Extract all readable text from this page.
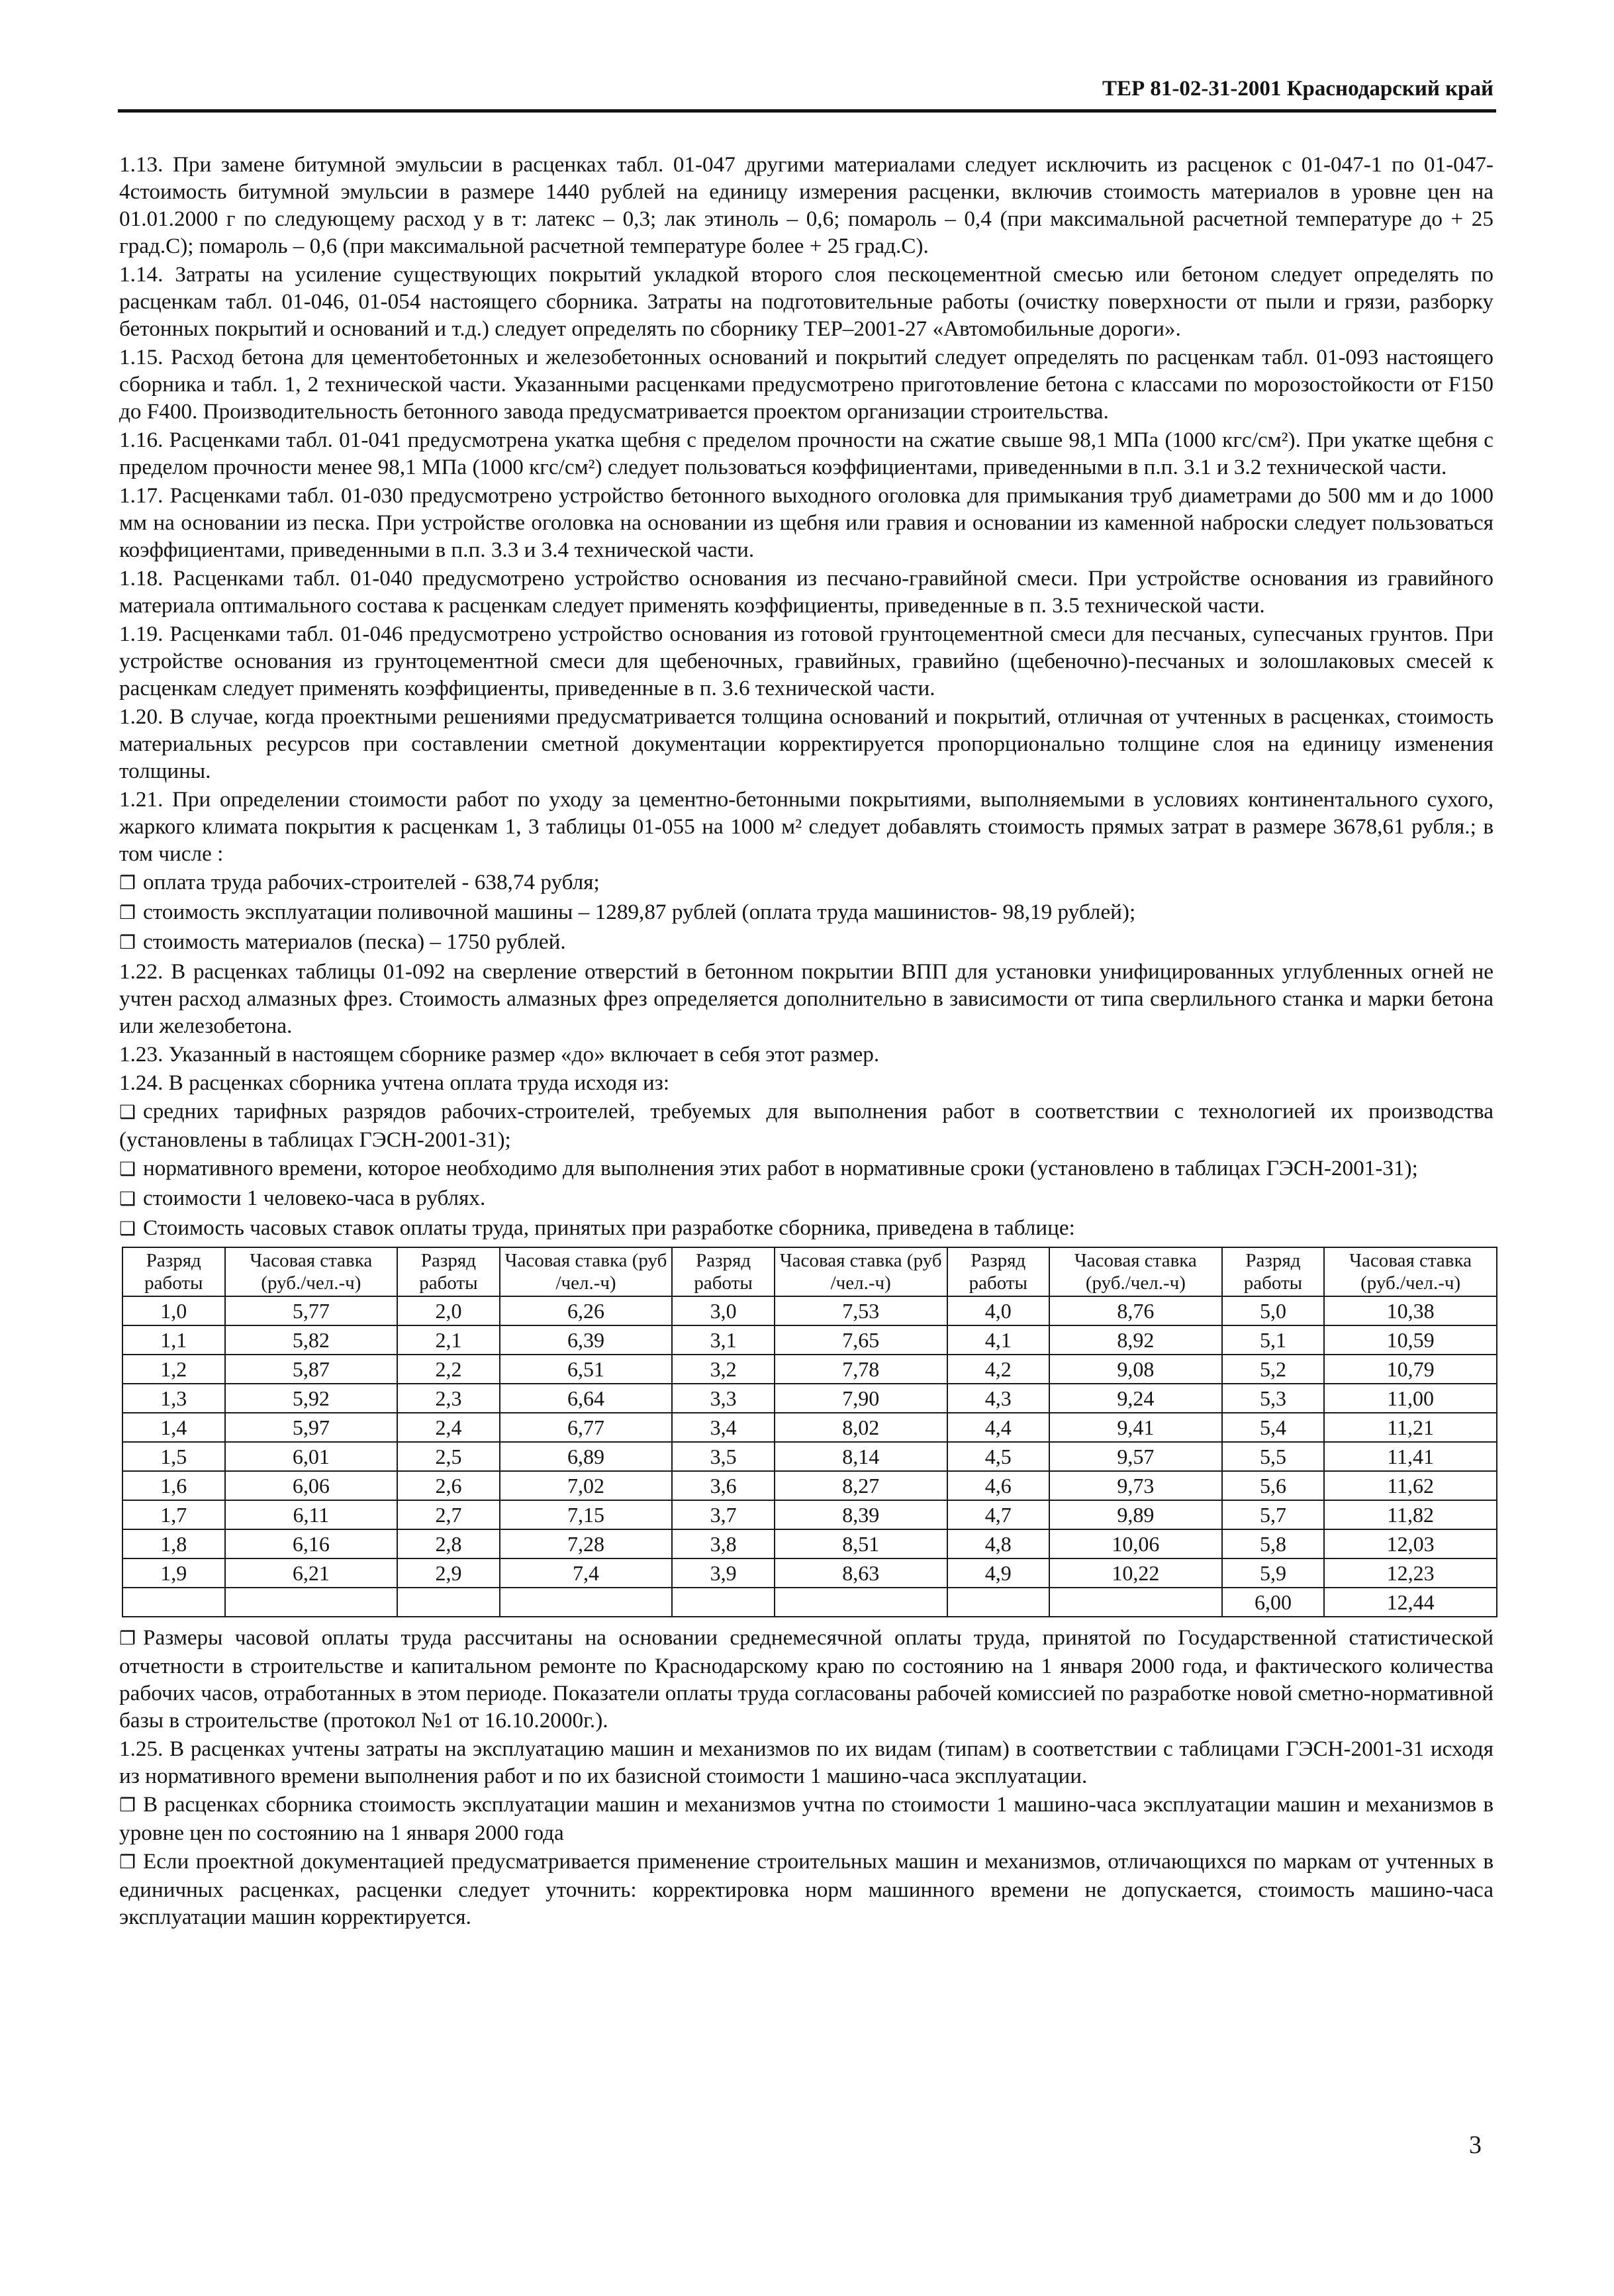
ТЕР 81-02-31-2001 Краснодарский край

1.13. При замене битумной эмульсии в расценках табл. 01-047 другими материалами следует исключить из расценок с 01-047-1 по 01-047-4стоимость битумной эмульсии в размере 1440 рублей на единицу измерения расценки, включив стоимость материалов в уровне цен на 01.01.2000 г по следующему расход у в т: латекс – 0,3; лак этиноль – 0,6; помароль – 0,4 (при максимальной расчетной температуре до + 25 град.С); помароль – 0,6 (при максимальной расчетной температуре более + 25 град.С).

1.14. Затраты на усиление существующих покрытий укладкой второго слоя пескоцементной смесью или бетоном следует определять по расценкам табл. 01-046, 01-054 настоящего сборника. Затраты на подготовительные работы (очистку поверхности от пыли и грязи, разборку бетонных покрытий и оснований и т.д.) следует определять по сборнику ТЕР–2001-27 «Автомобильные дороги».

1.15. Расход бетона для цементобетонных и железобетонных оснований и покрытий следует определять по расценкам табл. 01-093 настоящего сборника и табл. 1, 2 технической части. Указанными расценками предусмотрено приготовление бетона с классами по морозостойкости от F150 до F400. Производительность бетонного завода предусматривается проектом организации строительства.

1.16. Расценками табл. 01-041 предусмотрена укатка щебня с пределом прочности на сжатие свыше 98,1 МПа (1000 кгс/см²). При укатке щебня с пределом прочности менее 98,1 МПа (1000 кгс/см²) следует пользоваться коэффициентами, приведенными в п.п. 3.1 и 3.2 технической части.

1.17. Расценками табл. 01-030 предусмотрено устройство бетонного выходного оголовка для примыкания труб диаметрами до 500 мм и до 1000 мм на основании из песка. При устройстве оголовка на основании из щебня или гравия и основании из каменной наброски следует пользоваться коэффициентами, приведенными в п.п. 3.3 и 3.4 технической части.

1.18. Расценками табл. 01-040 предусмотрено устройство основания из песчано-гравийной смеси. При устройстве основания из гравийного материала оптимального состава к расценкам следует применять коэффициенты, приведенные в п. 3.5 технической части.

1.19. Расценками табл. 01-046 предусмотрено устройство основания из готовой грунтоцементной смеси для песчаных, супесчаных грунтов. При устройстве основания из грунтоцементной смеси для щебеночных, гравийных, гравийно (щебеночно)-песчаных и золошлаковых смесей к расценкам следует применять коэффициенты, приведенные в п. 3.6 технической части.

1.20. В случае, когда проектными решениями предусматривается толщина оснований и покрытий, отличная от учтенных в расценках, стоимость материальных ресурсов при составлении сметной документации корректируется пропорционально толщине слоя на единицу изменения толщины.

1.21. При определении стоимости работ по уходу за цементно-бетонными покрытиями, выполняемыми в условиях континентального сухого, жаркого климата покрытия к расценкам 1, 3 таблицы 01-055 на 1000 м² следует добавлять стоимость прямых затрат в размере 3678,61 рубля.; в том числе :

❒ оплата труда рабочих-строителей - 638,74 рубля;

❒ стоимость эксплуатации поливочной машины – 1289,87 рублей (оплата труда машинистов- 98,19 рублей);

❒ стоимость материалов (песка) – 1750 рублей.

1.22. В расценках таблицы 01-092 на сверление отверстий в бетонном покрытии ВПП для установки унифицированных углубленных огней не учтен расход алмазных фрез. Стоимость алмазных фрез определяется дополнительно в зависимости от типа сверлильного станка и марки бетона или железобетона.

1.23. Указанный в настоящем сборнике размер «до» включает в себя этот размер.

1.24. В расценках сборника учтена оплата труда исходя из:

❑ средних тарифных разрядов рабочих-строителей, требуемых для выполнения работ в соответствии с технологией их производства (установлены в таблицах ГЭСН-2001-31);

❑ нормативного времени, которое необходимо для выполнения этих работ в нормативные сроки (установлено в таблицах ГЭСН-2001-31);

❑ стоимости 1 человеко-часа в рублях.

❑ Стоимость часовых ставок оплаты труда, принятых при разработке сборника, приведена в таблице:

Разряд работы	Часовая ставка (руб./чел.-ч)	Разряд работы	Часовая ставка (руб /чел.-ч)	Разряд работы	Часовая ставка (руб /чел.-ч)	Разряд работы	Часовая ставка (руб./чел.-ч)	Разряд работы	Часовая ставка (руб./чел.-ч)
1,0	5,77	2,0	6,26	3,0	7,53	4,0	8,76	5,0	10,38
1,1	5,82	2,1	6,39	3,1	7,65	4,1	8,92	5,1	10,59
1,2	5,87	2,2	6,51	3,2	7,78	4,2	9,08	5,2	10,79
1,3	5,92	2,3	6,64	3,3	7,90	4,3	9,24	5,3	11,00
1,4	5,97	2,4	6,77	3,4	8,02	4,4	9,41	5,4	11,21
1,5	6,01	2,5	6,89	3,5	8,14	4,5	9,57	5,5	11,41
1,6	6,06	2,6	7,02	3,6	8,27	4,6	9,73	5,6	11,62
1,7	6,11	2,7	7,15	3,7	8,39	4,7	9,89	5,7	11,82
1,8	6,16	2,8	7,28	3,8	8,51	4,8	10,06	5,8	12,03
1,9	6,21	2,9	7,4	3,9	8,63	4,9	10,22	5,9	12,23
								6,00	12,44

❒ Размеры часовой оплаты труда рассчитаны на основании среднемесячной оплаты труда, принятой по Государственной статистической отчетности в строительстве и капитальном ремонте по Краснодарскому краю по состоянию на 1 января 2000 года, и фактического количества рабочих часов, отработанных в этом периоде. Показатели оплаты труда согласованы рабочей комиссией по разработке новой сметно-нормативной базы в строительстве (протокол №1 от 16.10.2000г.).

1.25. В расценках учтены затраты на эксплуатацию машин и механизмов по их видам (типам) в соответствии с таблицами ГЭСН-2001-31 исходя из нормативного времени выполнения работ и по их базисной стоимости 1 машино-часа эксплуатации.

❒ В расценках сборника стоимость эксплуатации машин и механизмов учтна по стоимости 1 машино-часа эксплуатации машин и механизмов в уровне цен по состоянию на 1 января 2000 года

❒ Если проектной документацией предусматривается применение строительных машин и механизмов, отличающихся по маркам от учтенных в единичных расценках, расценки следует уточнить: корректировка норм машинного времени не допускается, стоимость машино-часа эксплуатации машин корректируется.

3
